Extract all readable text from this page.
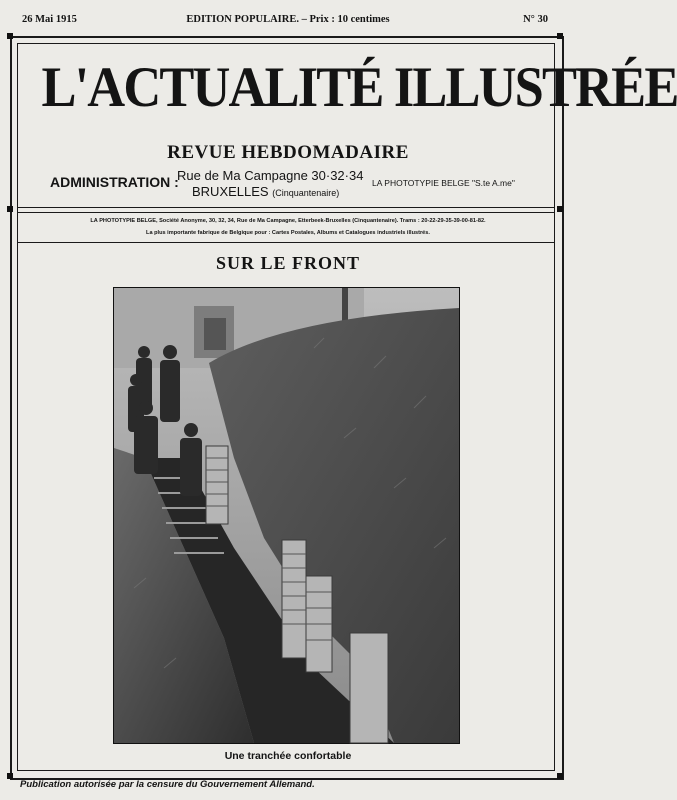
26 Mai 1915	EDITION POPULAIRE. – Prix : 10 centimes	N° 30
L'ACTUALITÉ ILLUSTRÉE
REVUE HEBDOMADAIRE
ADMINISTRATION :
Rue de Ma Campagne 30·32·34
BRUXELLES (Cinquantenaire)
LA PHOTOTYPIE BELGE "S.te A.me"
LA PHOTOTYPIE BELGE, Société Anonyme, 30, 32, 34, Rue de Ma Campagne, Etterbeek-Bruxelles (Cinquantenaire). Trams : 20-22-29-35-39-00-81-82.
La plus importante fabrique de Belgique pour : Cartes Postales, Albums et Catalogues industriels illustrés.
SUR LE FRONT
Une tranchée confortable
Publication autorisée par la censure du Gouvernement Allemand.
